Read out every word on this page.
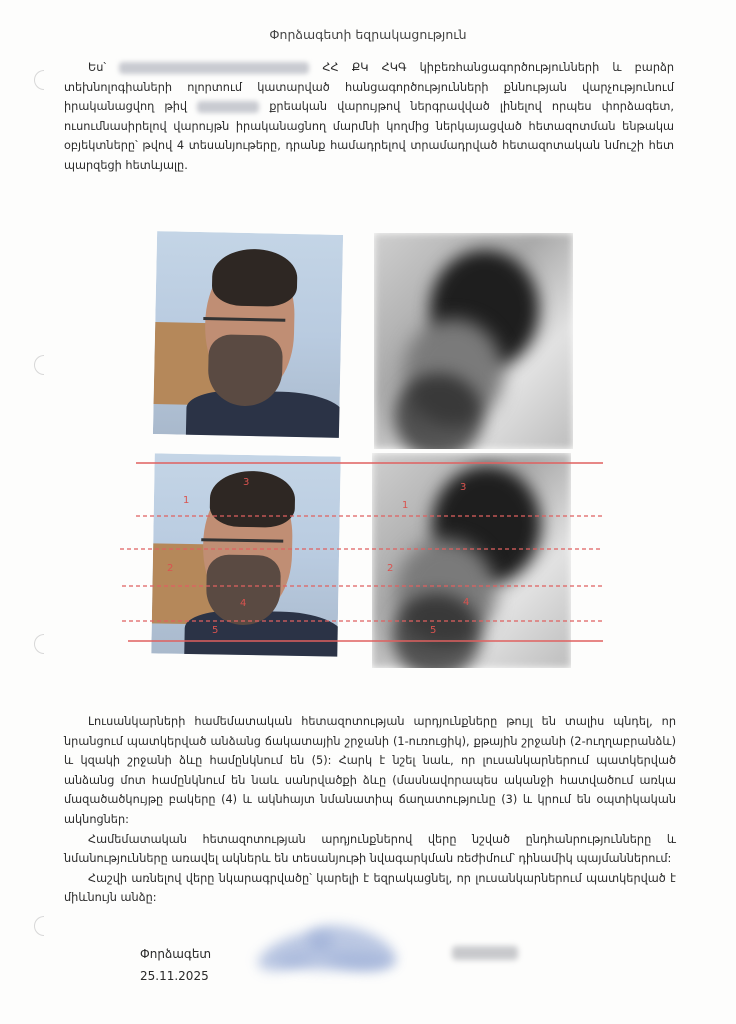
Փորձագետի եզրակացություն
Ես՝	ՀՀ ՔԿ ՀԿԳ կիբեռհանցագործությունների և բարձր տեխնոլոգիաների ոլորտում կատարված հանցագործությունների քննության վարչությունում իրականացվող թիվ	քրեական վարույթով ներգրավված լինելով որպես փորձագետ, ուսումնասիրելով վարույթն իրականացնող մարմնի կողմից ներկայացված հետազոտման ենթակա օբյեկտները՝ թվով 4 տեսանյութերը, դրանք համադրելով տրամադրված հետազոտական նմուշի հետ պարզեցի հետևյալը.
1
2
3
4
5
1
2
3
4
5
Լուսանկարների համեմատական հետազոտության արդյունքները թույլ են տալիս պնդել, որ նրանցում պատկերված անձանց ճակատային շրջանի (1-ուռուցիկ), քթային շրջանի (2-ուղղաբրանձև) և կզակի շրջանի ձևը համընկնում են (5): Հարկ է նշել նաև, որ լուսանկարներում պատկերված անձանց մոտ համընկնում են նաև սանրվածքի ձևը (մասնավորապես ականջի հատվածում առկա մազածածկույթը բակերը (4) և ակնհայտ նմանատիպ ճաղատությունը (3) և կրում են օպտիկական ակնոցներ:
Համեմատական հետազոտության արդյունքներով վերը նշված ընդհանրությունները և նմանությունները առավել ակներև են տեսանյութի նվագարկման ռեժիմում՝ դինամիկ պայմաններում:
Հաշվի առնելով վերը նկարագրվածը՝ կարելի է եզրակացնել, որ լուսանկարներում պատկերված է միևնույն անձը:
Փորձագետ
25.11.2025
